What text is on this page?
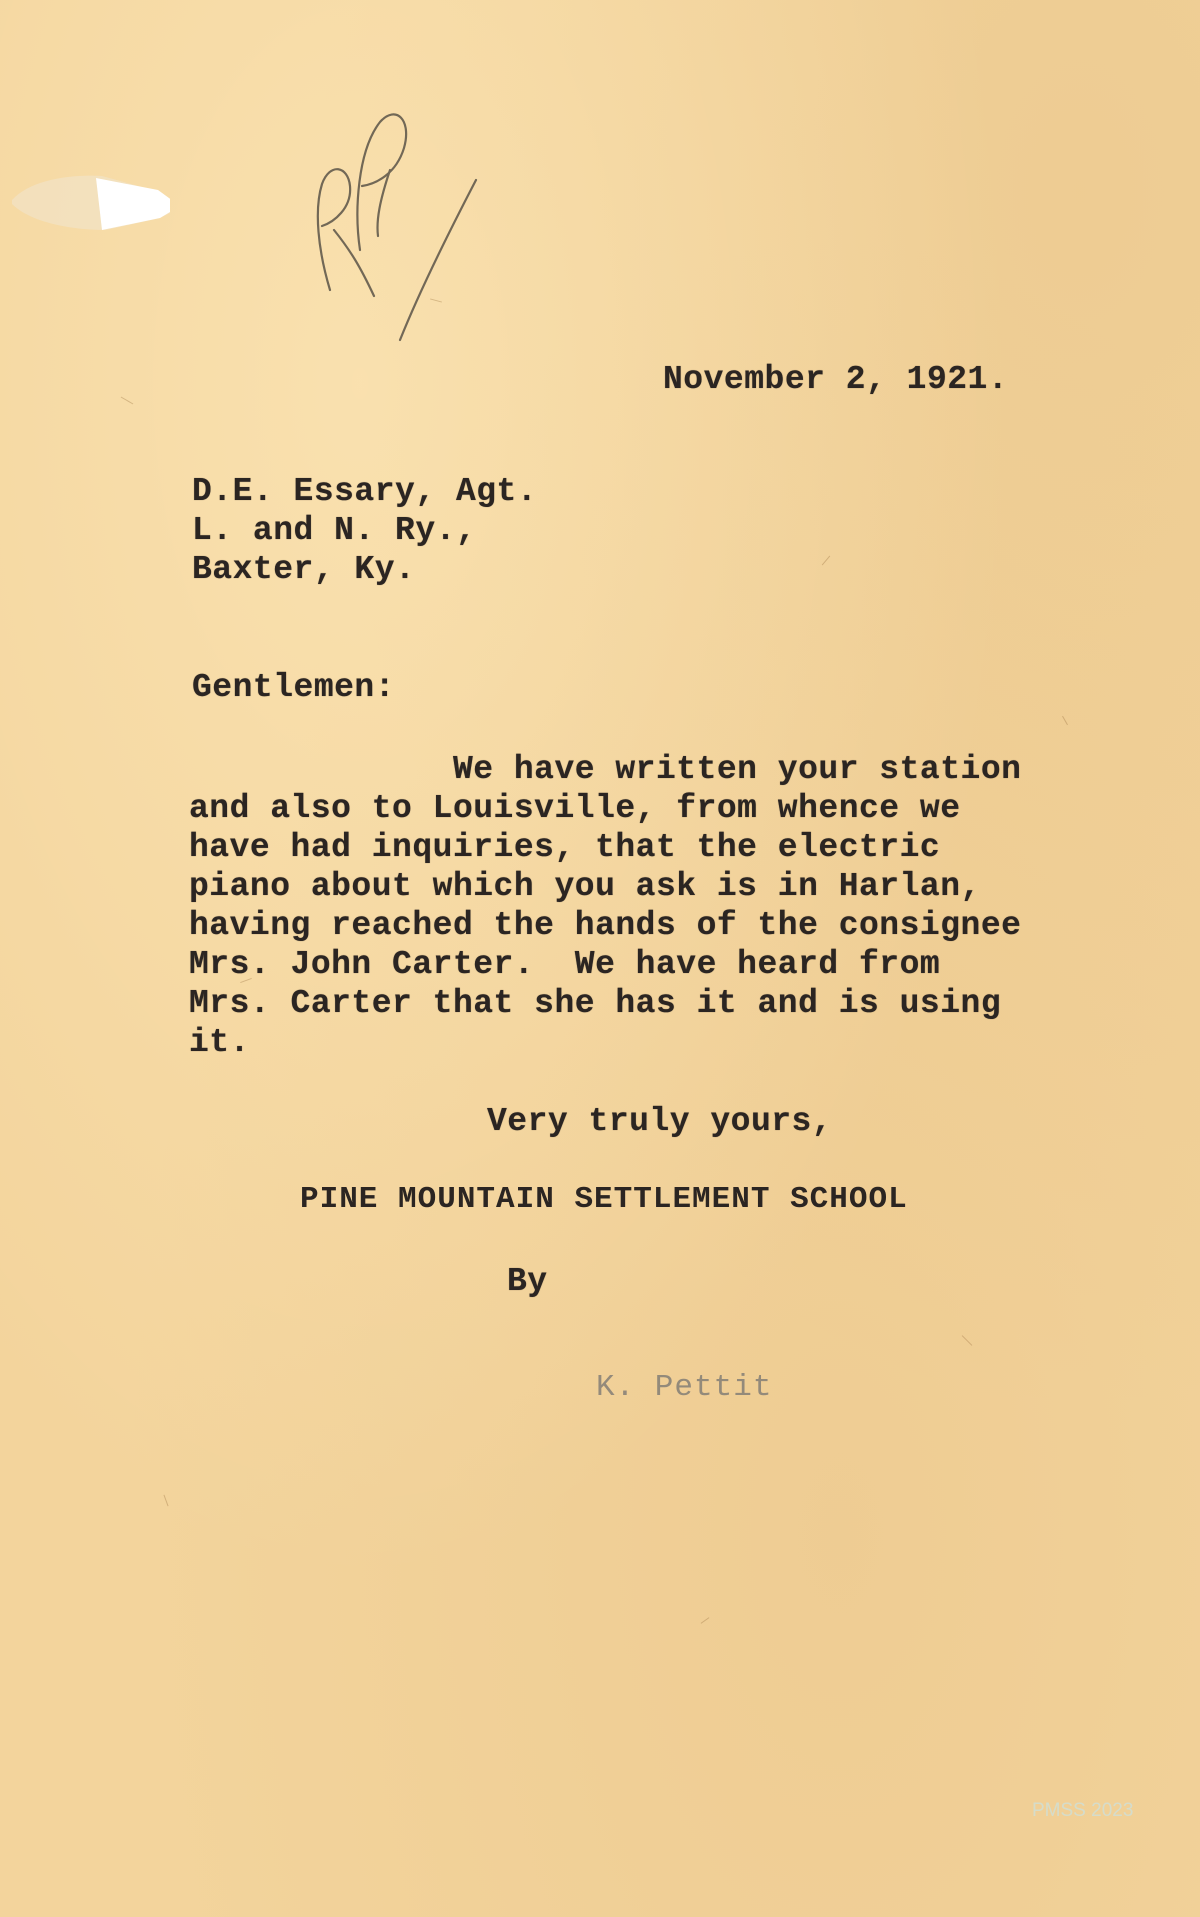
November 2, 1921.
D.E. Essary, Agt.
L. and N. Ry.,
Baxter, Ky.
Gentlemen:
We have written your station
and also to Louisville, from whence we
have had inquiries, that the electric
piano about which you ask is in Harlan,
having reached the hands of the consignee
Mrs. John Carter.  We have heard from
Mrs. Carter that she has it and is using
it.
Very truly yours,
PINE MOUNTAIN SETTLEMENT SCHOOL
By
K. Pettit
PMSS 2023
